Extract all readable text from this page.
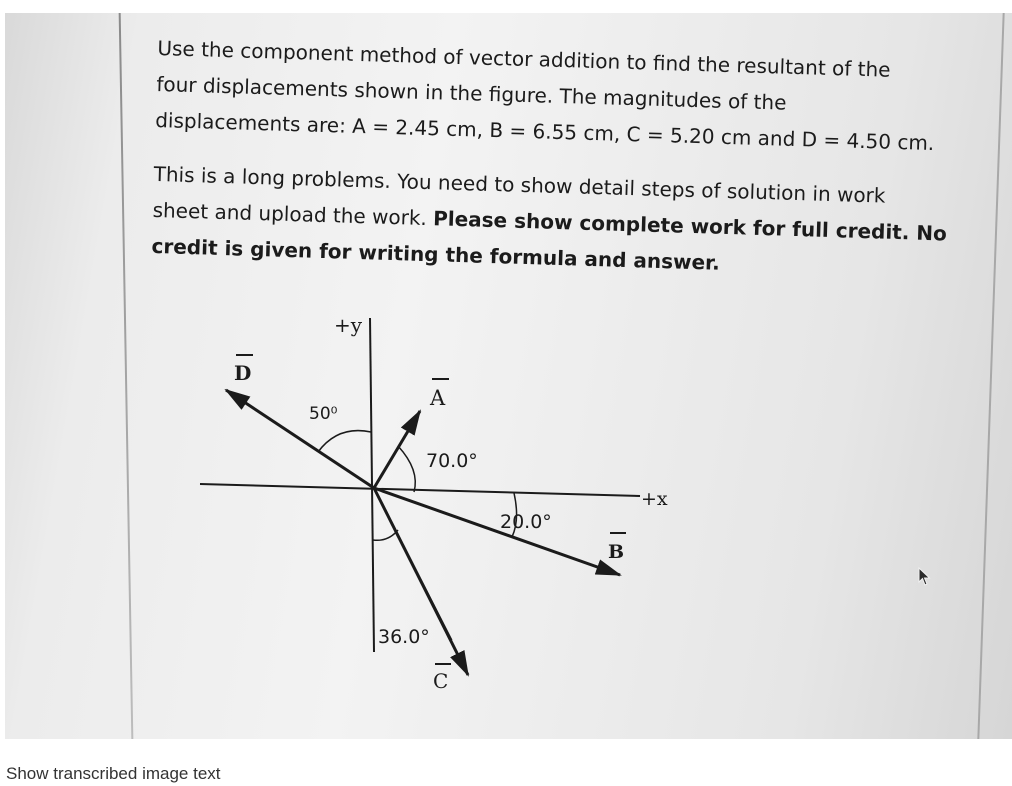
Use the component method of vector addition to find the resultant of the

four displacements shown in the figure. The magnitudes of the

displacements are: A = 2.45 cm, B = 6.55 cm, C = 5.20 cm and D = 4.50 cm.

This is a long problems. You need to show detail steps of solution in work

sheet and upload the work. Please show complete work for full credit. No

credit is given for writing the formula and answer.

+y
+x
D
A
B
C
50⁰
70.0°
20.0°
36.0°
Show transcribed image text
